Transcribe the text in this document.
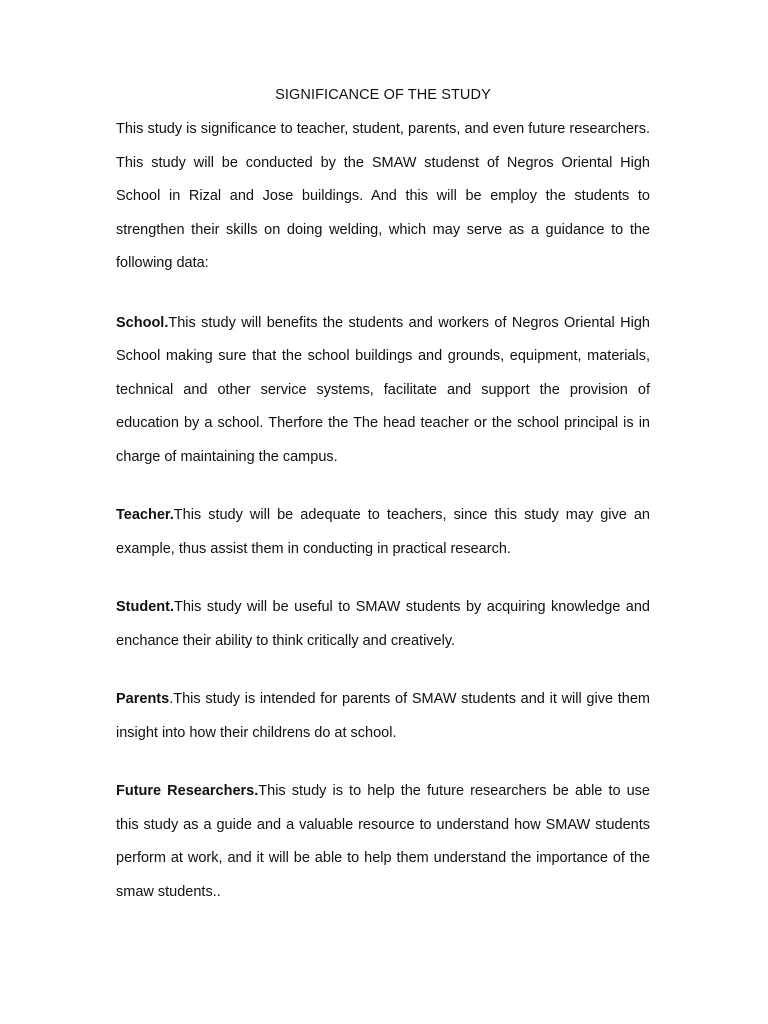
SIGNIFICANCE OF THE STUDY

This study is significance to teacher, student, parents, and even future researchers. This study will be conducted by the SMAW studenst of Negros Oriental High School in Rizal and Jose buildings. And this will be employ the students to strengthen their skills on doing welding, which may serve as a guidance to the following data:

School.This study will benefits the students and workers of Negros Oriental High School making sure that the school buildings and grounds, equipment, materials, technical and other service systems, facilitate and support the provision of education by a school. Therfore the The head teacher or the school principal is in charge of maintaining the campus.

Teacher.This study will be adequate to teachers, since this study may give an example, thus assist them in conducting in practical research.

Student.This study will be useful to SMAW students by acquiring knowledge and enchance their ability to think critically and creatively.

Parents.This study is intended for parents of SMAW students and it will give them insight into how their childrens do at school.

Future Researchers.This study is to help the future researchers be able to use this study as a guide and a valuable resource to understand how SMAW students perform at work, and it will be able to help them understand the importance of the smaw students..
